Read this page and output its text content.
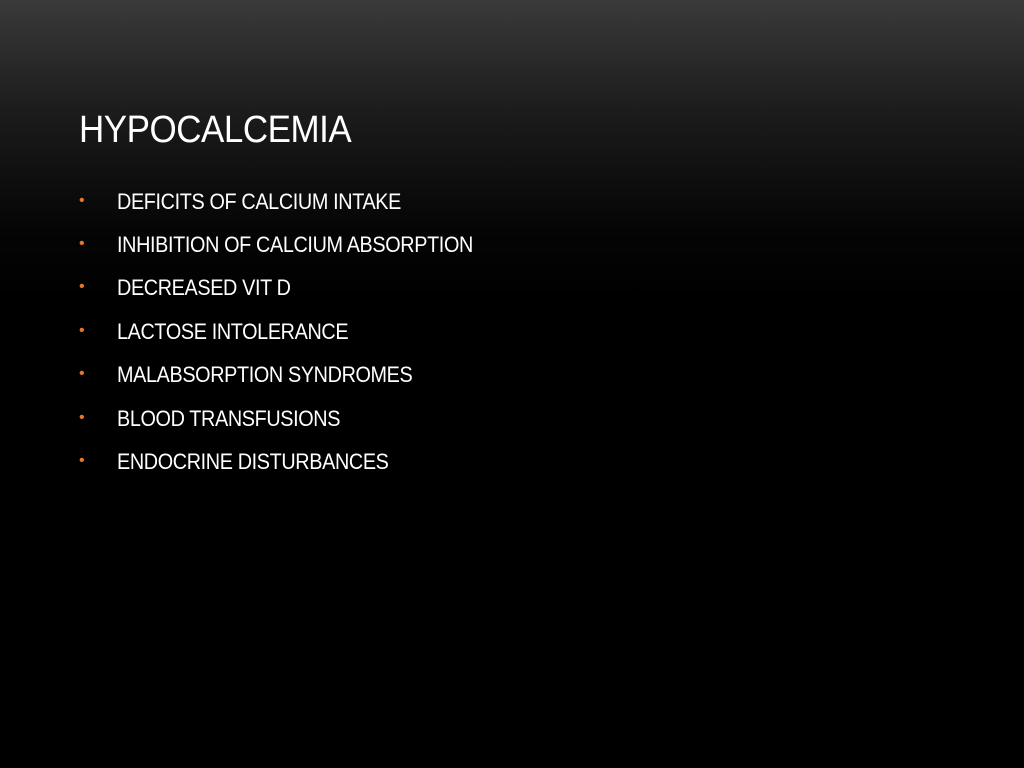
HYPOCALCEMIA
•	DEFICITS OF CALCIUM INTAKE
•	INHIBITION OF CALCIUM ABSORPTION
•	DECREASED VIT D
•	LACTOSE INTOLERANCE
•	MALABSORPTION SYNDROMES
•	BLOOD TRANSFUSIONS
•	ENDOCRINE DISTURBANCES
